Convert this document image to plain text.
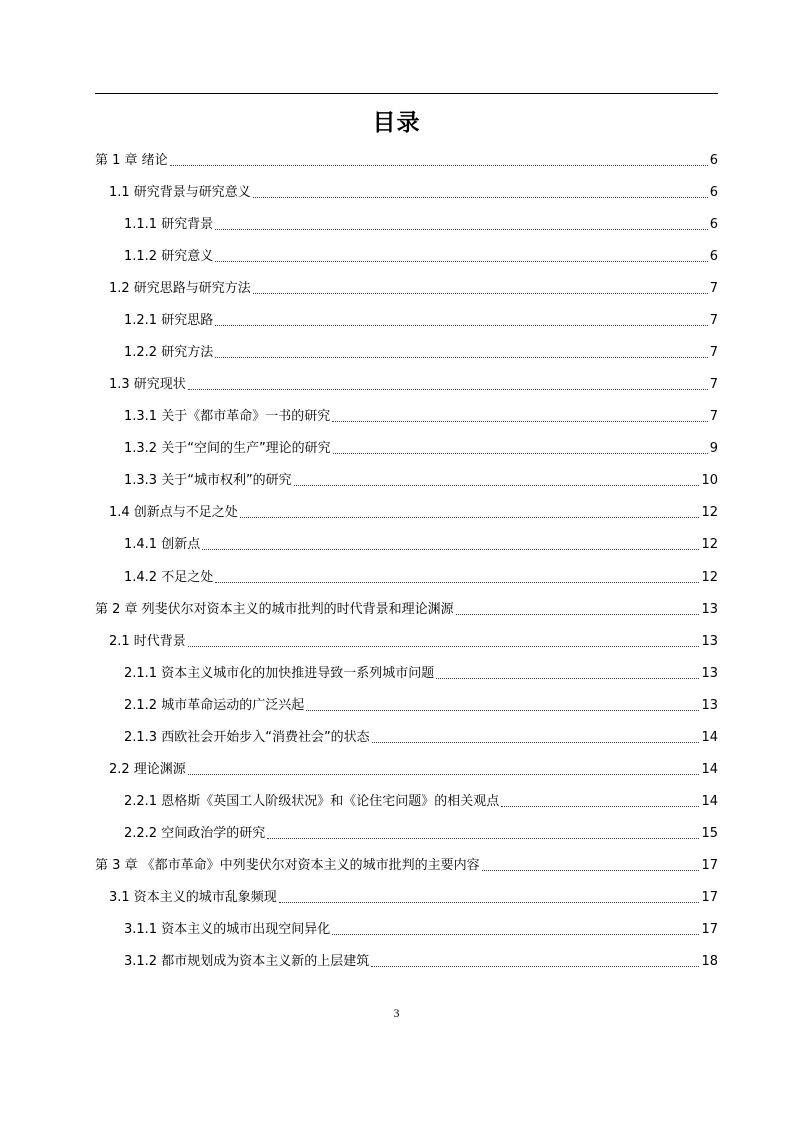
目录
第 1 章 绪论	6
1.1 研究背景与研究意义	6
1.1.1 研究背景	6
1.1.2 研究意义	6
1.2 研究思路与研究方法	7
1.2.1 研究思路	7
1.2.2 研究方法	7
1.3 研究现状	7
1.3.1 关于《都市革命》一书的研究	7
1.3.2 关于“空间的生产”理论的研究	9
1.3.3 关于“城市权利”的研究	10
1.4 创新点与不足之处	12
1.4.1 创新点	12
1.4.2 不足之处	12
第 2 章 列斐伏尔对资本主义的城市批判的时代背景和理论渊源	13
2.1 时代背景	13
2.1.1 资本主义城市化的加快推进导致一系列城市问题	13
2.1.2 城市革命运动的广泛兴起	13
2.1.3 西欧社会开始步入“消费社会”的状态	14
2.2 理论渊源	14
2.2.1 恩格斯《英国工人阶级状况》和《论住宅问题》的相关观点	14
2.2.2 空间政治学的研究	15
第 3 章 《都市革命》中列斐伏尔对资本主义的城市批判的主要内容	17
3.1 资本主义的城市乱象频现	17
3.1.1 资本主义的城市出现空间异化	17
3.1.2 都市规划成为资本主义新的上层建筑	18
3
